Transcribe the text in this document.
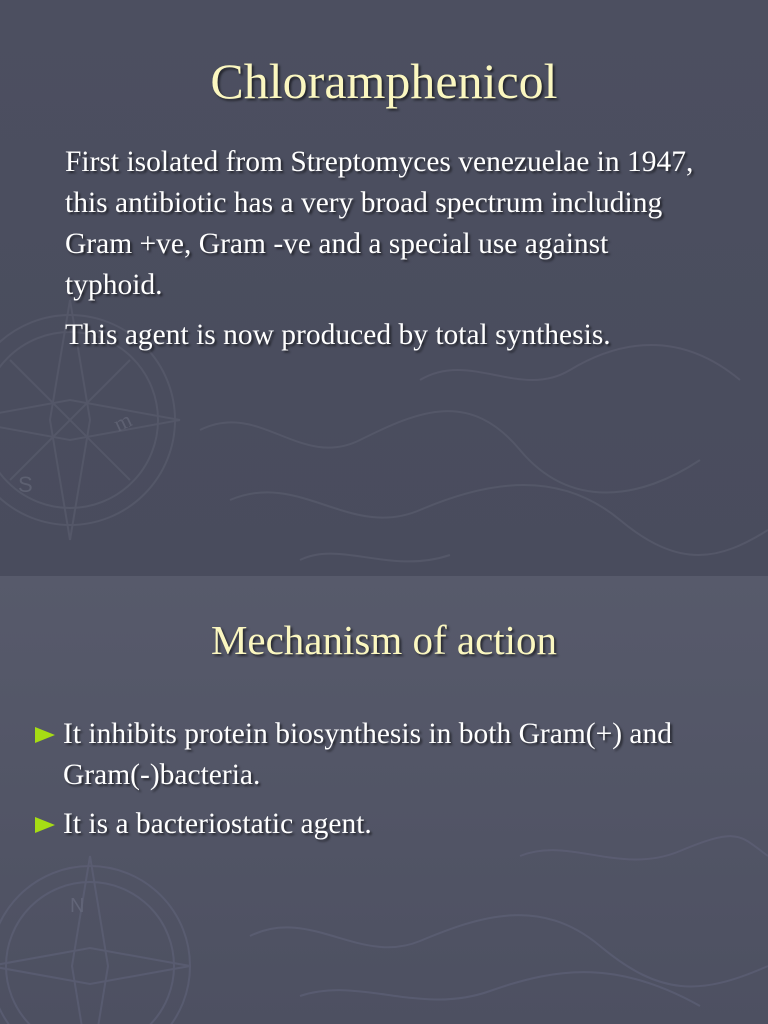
m
S
Chloramphenicol

First isolated from Streptomyces venezuelae in 1947, this antibiotic has a very broad spectrum including Gram +ve, Gram -ve and a special use against typhoid.

This agent is now produced by total synthesis.

N
Mechanism of action
It inhibits protein biosynthesis in both Gram(+) and Gram(-)bacteria.
It is a bacteriostatic agent.
